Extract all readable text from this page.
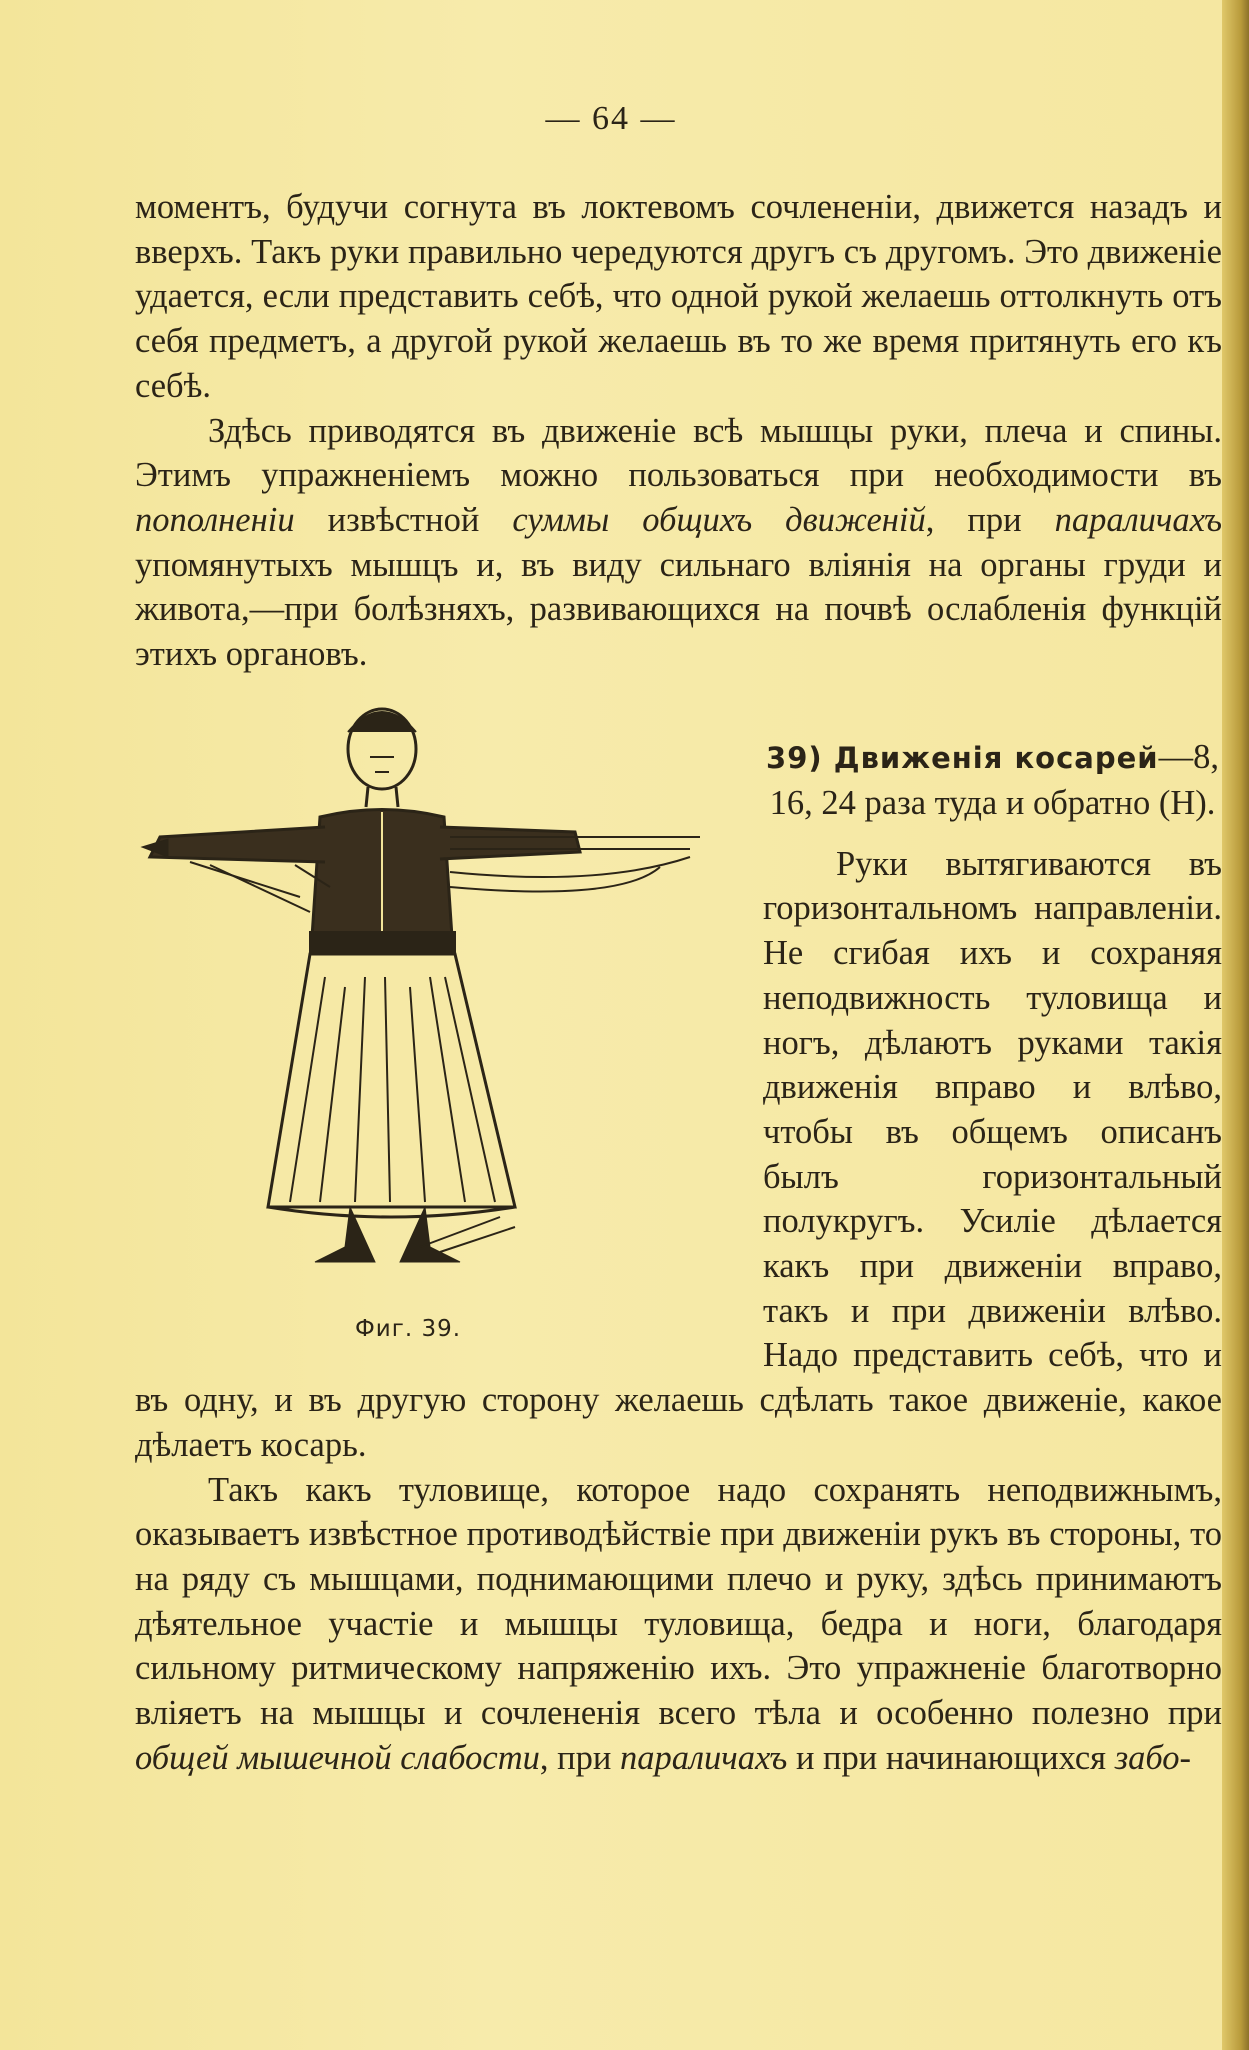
— 64 —

моментъ, будучи согнута въ локтевомъ сочлененіи, движется назадъ и вверхъ. Такъ руки правильно чередуются другъ съ другомъ. Это движеніе удается, если представить себѣ, что одной рукой желаешь оттолкнуть отъ себя предметъ, а другой рукой желаешь въ то же время притянуть его къ себѣ.

Здѣсь приводятся въ движеніе всѣ мышцы руки, плеча и спины. Этимъ упражненіемъ можно пользоваться при необходимости въ пополненіи извѣстной суммы общихъ движеній, при параличахъ упомянутыхъ мышцъ и, въ виду сильнаго вліянія на органы груди и живота,—при болѣзняхъ, развивающихся на почвѣ ослабленія функцій этихъ органовъ.

Фиг. 39.

39) Движенія косарей—8, 16, 24 раза туда и обратно (Н).

Руки вытягиваются въ горизонтальномъ направленіи. Не сгибая ихъ и сохраняя неподвижность туловища и ногъ, дѣлаютъ руками такія движенія вправо и влѣво, чтобы въ общемъ описанъ былъ горизонтальный полукругъ. Усиліе дѣлается какъ при движеніи вправо, такъ и при движеніи влѣво. Надо представить себѣ, что и въ одну, и въ другую сторону желаешь сдѣлать такое движеніе, какое дѣлаетъ косарь.

Такъ какъ туловище, которое надо сохранять неподвижнымъ, оказываетъ извѣстное противодѣйствіе при движеніи рукъ въ стороны, то на ряду съ мышцами, поднимающими плечо и руку, здѣсь принимаютъ дѣятельное участіе и мышцы туловища, бедра и ноги, благодаря сильному ритмическому напряженію ихъ. Это упражненіе благотворно вліяетъ на мышцы и сочлененія всего тѣла и особенно полезно при общей мышечной слабости, при параличахъ и при начинающихся забо-
